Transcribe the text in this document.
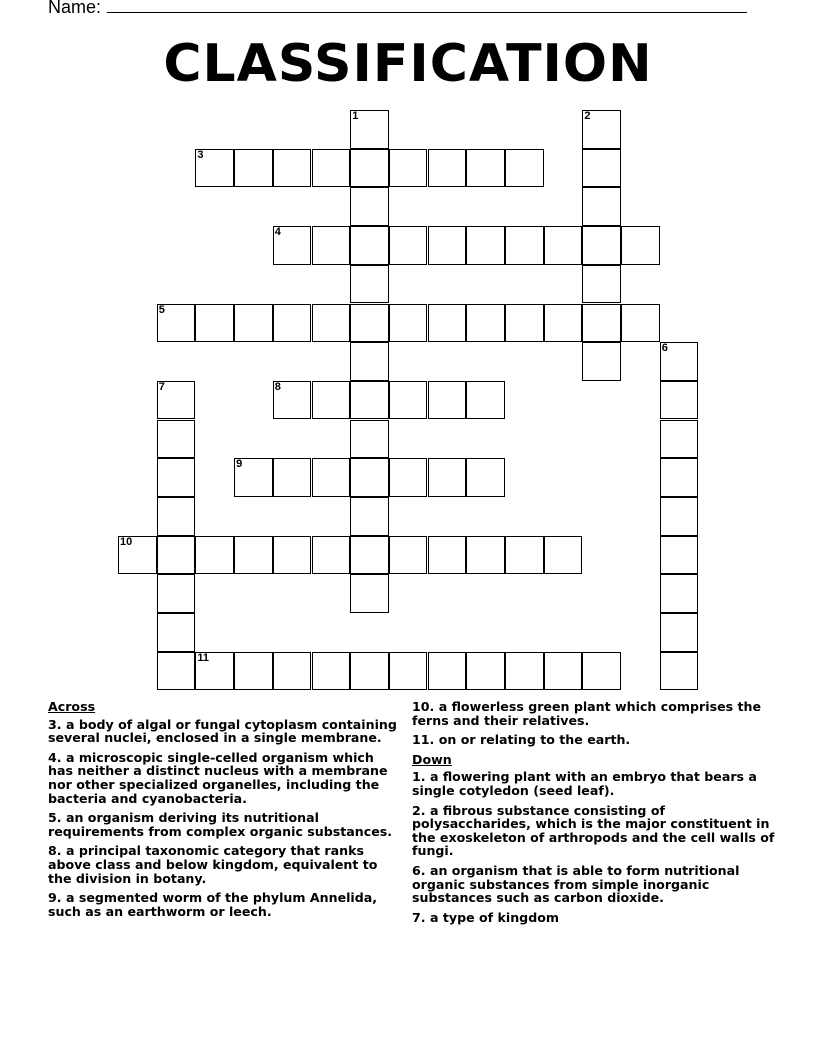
Name:
CLASSIFICATION
1	2
3
4
5
6
7	8
9
10
11
Across
3. a body of algal or fungal cytoplasm containing several nuclei, enclosed in a single membrane.
4. a microscopic single-celled organism which has neither a distinct nucleus with a membrane nor other specialized organelles, including the bacteria and cyanobacteria.
5. an organism deriving its nutritional requirements from complex organic substances.
8. a principal taxonomic category that ranks above class and below kingdom, equivalent to the division in botany.
9. a segmented worm of the phylum Annelida, such as an earthworm or leech.
10. a flowerless green plant which comprises the ferns and their relatives.
11. on or relating to the earth.
Down
1. a flowering plant with an embryo that bears a single cotyledon (seed leaf).
2. a fibrous substance consisting of polysaccharides, which is the major constituent in the exoskeleton of arthropods and the cell walls of fungi.
6. an organism that is able to form nutritional organic substances from simple inorganic substances such as carbon dioxide.
7. a type of kingdom
